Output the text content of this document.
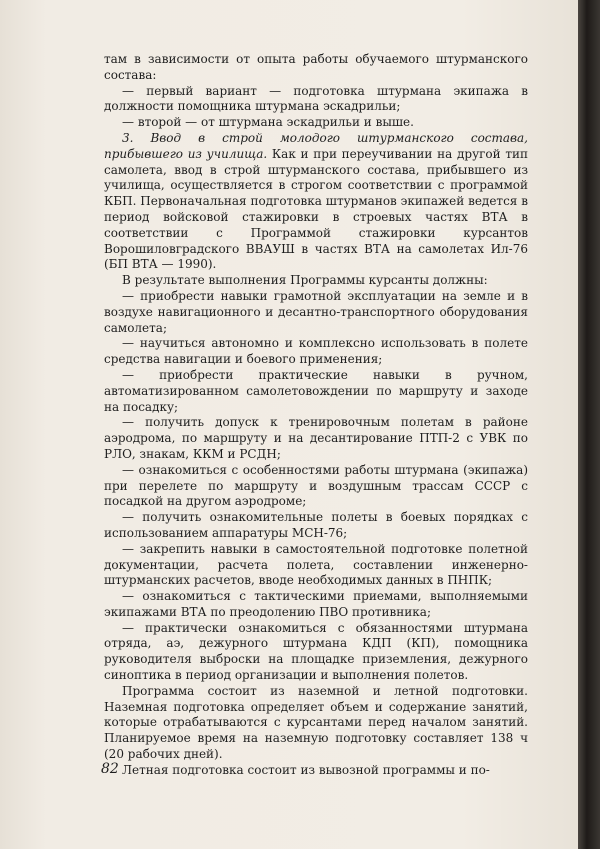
там в зависимости от опыта работы обучаемого штурманского состава:

— первый вариант — подготовка штурмана экипажа в должности помощника штурмана эскадрильи;

— второй — от штурмана эскадрильи и выше.

3. Ввод в строй молодого штурманского состава, прибывшего из училища. Как и при переучивании на другой тип самолета, ввод в строй штурманского состава, прибывшего из училища, осуществляется в строгом соответствии с программой КБП. Первоначальная подготовка штурманов экипажей ведется в период войсковой стажировки в строевых частях ВТА в соответствии с Программой стажировки курсантов Ворошиловградского ВВАУШ в частях ВТА на самолетах Ил-76 (БП ВТА — 1990).

В результате выполнения Программы курсанты должны:

— приобрести навыки грамотной эксплуатации на земле и в воздухе навигационного и десантно-транспортного оборудования самолета;

— научиться автономно и комплексно использовать в полете средства навигации и боевого применения;

— приобрести практические навыки в ручном, автоматизированном самолетовождении по маршруту и заходе на посадку;

— получить допуск к тренировочным полетам в районе аэродрома, по маршруту и на десантирование ПТП-2 с УВК по РЛО, знакам, ККМ и РСДН;

— ознакомиться с особенностями работы штурмана (экипажа) при перелете по маршруту и воздушным трассам СССР с посадкой на другом аэродроме;

— получить ознакомительные полеты в боевых порядках с использованием аппаратуры МСН-76;

— закрепить навыки в самостоятельной подготовке полетной документации, расчета полета, составлении инженерно-штурманских расчетов, вводе необходимых данных в ПНПК;

— ознакомиться с тактическими приемами, выполняемыми экипажами ВТА по преодолению ПВО противника;

— практически ознакомиться с обязанностями штурмана отряда, аэ, дежурного штурмана КДП (КП), помощника руководителя выброски на площадке приземления, дежурного синоптика в период организации и выполнения полетов.

Программа состоит из наземной и летной подготовки. Наземная подготовка определяет объем и содержание занятий, которые отрабатываются с курсантами перед началом занятий. Планируемое время на наземную подготовку составляет 138 ч (20 рабочих дней).

Летная подготовка состоит из вывозной программы и по-

82
